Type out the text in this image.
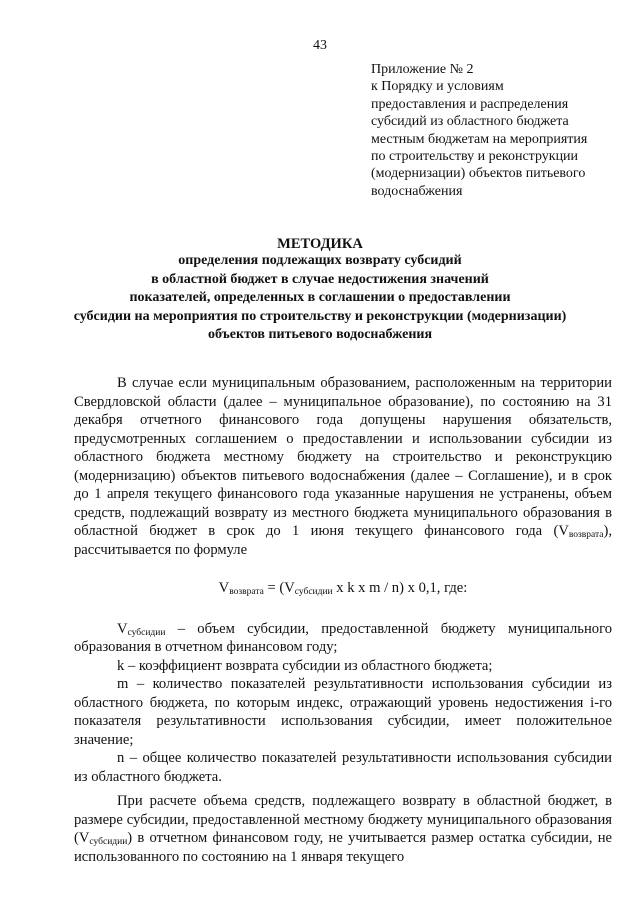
43
Приложение № 2
к Порядку и условиям
предоставления и распределения
субсидий из областного бюджета
местным бюджетам на мероприятия
по строительству и реконструкции
(модернизации) объектов питьевого
водоснабжения
МЕТОДИКА
определения подлежащих возврату субсидий
в областной бюджет в случае недостижения значений
показателей, определенных в соглашении о предоставлении
субсидии на мероприятия по строительству и реконструкции (модернизации)
объектов питьевого водоснабжения

В случае если муниципальным образованием, расположенным на территории Свердловской области (далее – муниципальное образование), по состоянию на 31 декабря отчетного финансового года допущены нарушения обязательств, предусмотренных соглашением о предоставлении и использовании субсидии из областного бюджета местному бюджету на строительство и реконструкцию (модернизацию) объектов питьевого водоснабжения (далее – Соглашение), и в срок до 1 апреля текущего финансового года указанные нарушения не устранены, объем средств, подлежащий возврату из местного бюджета муниципального образования в областной бюджет в срок до 1 июня текущего финансового года $(V_{возврата})$, рассчитывается по формуле

$V_{возврата} = (V_{субсидии}$ x k x m / n) x 0,1, где:

$V_{субсидии}$ – объем субсидии, предоставленной бюджету муниципального образования в отчетном финансовом году;

k – коэффициент возврата субсидии из областного бюджета;

m – количество показателей результативности использования субсидии из областного бюджета, по которым индекс, отражающий уровень недостижения i-го показателя результативности использования субсидии, имеет положительное значение;

n – общее количество показателей результативности использования субсидии из областного бюджета.

При расчете объема средств, подлежащего возврату в областной бюджет, в размере субсидии, предоставленной местному бюджету муниципального образования $(V_{субсидии})$ в отчетном финансовом году, не учитывается размер остатка субсидии, не использованного по состоянию на 1 января текущего
